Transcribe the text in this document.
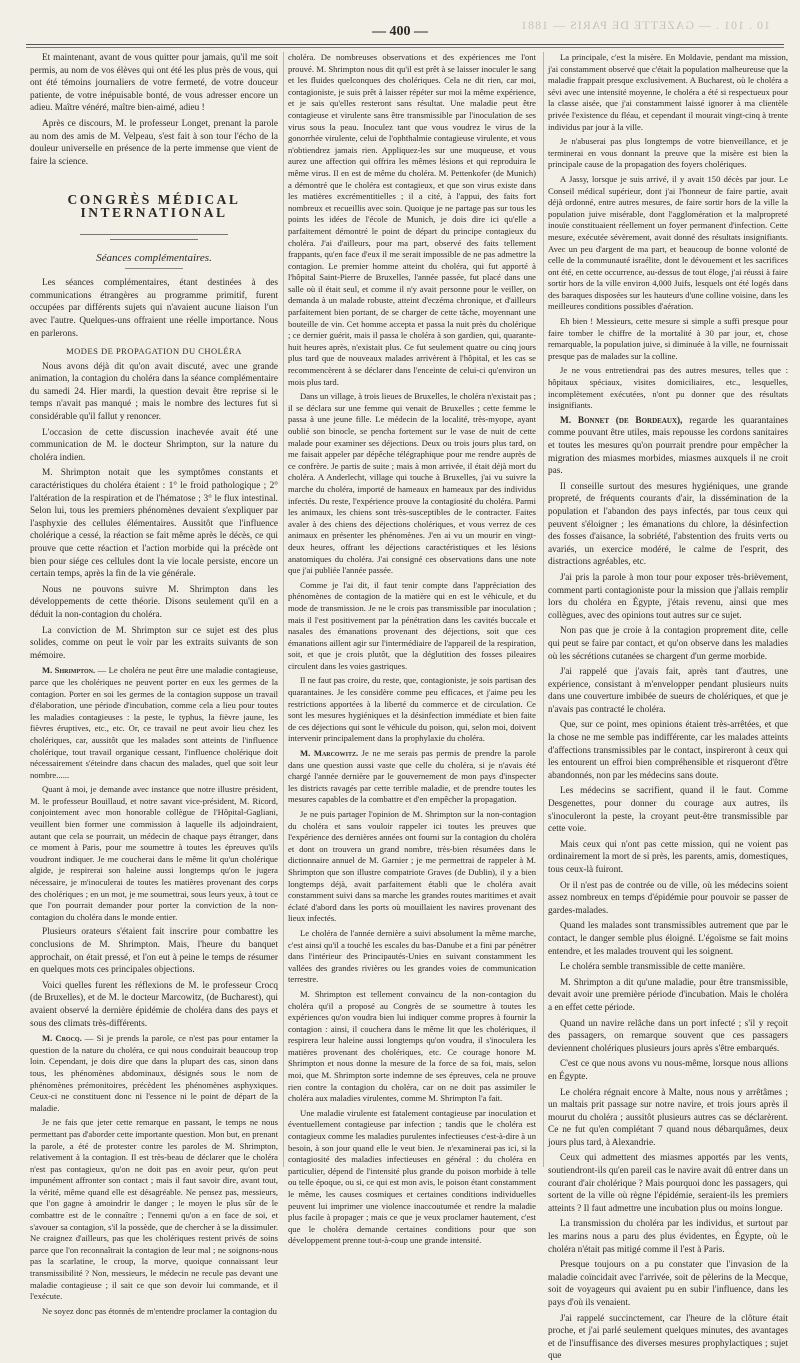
10 . 101 . — GAZETTE DE PARIS — 1881
— 400 —

Et maintenant, avant de vous quitter pour jamais, qu'il me soit permis, au nom de vos élèves qui ont été les plus près de vous, qui ont été témoins journaliers de votre fermeté, de votre douceur patiente, de votre inépuisable bonté, de vous adresser encore un adieu. Maître vénéré, maître bien-aimé, adieu !

Après ce discours, M. le professeur Longet, prenant la parole au nom des amis de M. Velpeau, s'est fait à son tour l'écho de la douleur universelle en présence de la perte immense que vient de faire la science.

CONGRÈS MÉDICAL INTERNATIONAL
Séances complémentaires.

Les séances complémentaires, étant destinées à des communications étrangères au programme primitif, furent occupées par différents sujets qui n'avaient aucune liaison l'un avec l'autre. Quelques-uns offraient une réelle importance. Nous en parlerons.

MODES DE PROPAGATION DU CHOLÉRA

Nous avons déjà dit qu'on avait discuté, avec une grande animation, la contagion du choléra dans la séance complémentaire du samedi 24. Hier mardi, la question devait être reprise si le temps n'avait pas manqué ; mais le nombre des lectures fut si considérable qu'il fallut y renoncer.

L'occasion de cette discussion inachevée avait été une communication de M. le docteur Shrimpton, sur la nature du choléra indien.

M. Shrimpton notait que les symptômes constants et caractéristiques du choléra étaient : 1° le froid pathologique ; 2° l'altération de la respiration et de l'hématose ; 3° le flux intestinal. Selon lui, tous les premiers phénomènes devaient s'expliquer par l'asphyxie des cellules élémentaires. Aussitôt que l'influence cholérique a cessé, la réaction se fait même après le décès, ce qui prouve que cette réaction et l'action morbide qui la précède ont bien pour siége ces cellules dont la vie locale persiste, encore un certain temps, après la fin de la vie générale.

Nous ne pouvons suivre M. Shrimpton dans les développements de cette théorie. Disons seulement qu'il en a déduit la non-contagion du choléra.

La conviction de M. Shrimpton sur ce sujet est des plus solides, comme on peut le voir par les extraits suivants de son mémoire.

M. Shrimpton. — Le choléra ne peut être une maladie contagieuse, parce que les cholériques ne peuvent porter en eux les germes de la contagion. Porter en soi les germes de la contagion suppose un travail d'élaboration, une période d'incubation, comme cela a lieu pour toutes les maladies contagieuses : la peste, le typhus, la fièvre jaune, les fièvres éruptives, etc., etc. Or, ce travail ne peut avoir lieu chez les cholériques, car, aussitôt que les malades sont atteints de l'influence cholérique, tout travail organique cessant, l'influence cholérique doit nécessairement s'éteindre dans chacun des malades, quel que soit leur nombre......

Quant à moi, je demande avec instance que notre illustre président, M. le professeur Bouillaud, et notre savant vice-président, M. Ricord, conjointement avec mon honorable collègue de l'Hôpital-Gagliani, veuillent bien former une commission à laquelle ils adjoindraient, autant que cela se pourrait, un médecin de chaque pays étranger, dans ce moment à Paris, pour me soumettre à toutes les épreuves qu'ils voudront indiquer. Je me coucherai dans le même lit qu'un cholérique algide, je respirerai son haleine aussi longtemps qu'on le jugera nécessaire, je m'inoculerai de toutes les matières provenant des corps des cholériques ; en un mot, je me soumettrai, sous leurs yeux, à tout ce que l'on pourrait demander pour porter la conviction de la non-contagion du choléra dans le monde entier.

Plusieurs orateurs s'étaient fait inscrire pour combattre les conclusions de M. Shrimpton. Mais, l'heure du banquet approchait, on était pressé, et l'on eut à peine le temps de résumer en quelques mots ces principales objections.

Voici quelles furent les réflexions de M. le professeur Crocq (de Bruxelles), et de M. le docteur Marcowitz, (de Bucharest), qui avaient observé la dernière épidémie de choléra dans des pays et sous des climats très-différents.

M. Crocq. — Si je prends la parole, ce n'est pas pour entamer la question de la nature du choléra, ce qui nous conduirait beaucoup trop loin. Cependant, je dois dire que dans la plupart des cas, sinon dans tous, les phénomènes abdominaux, désignés sous le nom de phénomènes prémonitoires, précèdent les phénomènes asphyxiques. Ceux-ci ne constituent donc ni l'essence ni le point de départ de la maladie.

Je ne fais que jeter cette remarque en passant, le temps ne nous permettant pas d'aborder cette importante question. Mon but, en prenant la parole, a été de protester contre les paroles de M. Shrimpton, relativement à la contagion. Il est très-beau de déclarer que le choléra n'est pas contagieux, qu'on ne doit pas en avoir peur, qu'on peut impunément affronter son contact ; mais il faut savoir dire, avant tout, la vérité, même quand elle est désagréable. Ne pensez pas, messieurs, que l'on gagne à amoindrir le danger ; le moyen le plus sûr de le combattre est de le connaître ; l'ennemi qu'on a en face de soi, et s'avouer sa contagion, s'il la possède, que de chercher à se la dissimuler. Ne craignez d'ailleurs, pas que les cholériques restent privés de soins parce que l'on reconnaîtrait la contagion de leur mal ; ne soignons-nous pas la scarlatine, le croup, la morve, quoique connaissant leur transmissibilité ? Non, messieurs, le médecin ne recule pas devant une maladie contagieuse ; il sait ce que son devoir lui commande, et il l'exécute.

Ne soyez donc pas étonnés de m'entendre proclamer la contagion du

choléra. De nombreuses observations et des expériences me l'ont prouvé. M. Shrimpton nous dit qu'il est prêt à se laisser inoculer le sang et les fluides quelconques des cholériques. Cela ne dit rien, car moi, contagioniste, je suis prêt à laisser répéter sur moi la même expérience, et je sais qu'elles resteront sans résultat. Une maladie peut être contagieuse et virulente sans être transmissible par l'inoculation de ses virus sous la peau. Inoculez tant que vous voudrez le virus de la gonorrhée virulente, celui de l'ophthalmie contagieuse virulente, et vous n'obtiendrez jamais rien. Appliquez-les sur une muqueuse, et vous aurez une affection qui offrira les mêmes lésions et qui reproduira le même virus. Il en est de même du choléra. M. Pettenkofer (de Munich) a démontré que le choléra est contagieux, et que son virus existe dans les matières excrémentitielles ; il a cité, à l'appui, des faits fort nombreux et recueillis avec soin. Quoique je ne partage pas sur tous les points les idées de l'école de Munich, je dois dire ici qu'elle a parfaitement démontré le point de départ du principe contagieux du choléra. J'ai d'ailleurs, pour ma part, observé des faits tellement frappants, qu'en face d'eux il me serait impossible de ne pas admettre la contagion. Le premier homme atteint du choléra, qui fut apporté à l'hôpital Saint-Pierre de Bruxelles, l'année passée, fut placé dans une salle où il était seul, et comme il n'y avait personne pour le veiller, on demanda à un malade robuste, atteint d'eczéma chronique, et d'ailleurs parfaitement bien portant, de se charger de cette tâche, moyennant une bouteille de vin. Cet homme accepta et passa la nuit près du cholérique ; ce dernier guérit, mais il passa le choléra à son gardien, qui, quarante-huit heures après, n'existait plus. Ce fut seulement quatre ou cinq jours plus tard que de nouveaux malades arrivèrent à l'hôpital, et les cas se recommencèrent à se déclarer dans l'enceinte de celui-ci qu'environ un mois plus tard.

Dans un village, à trois lieues de Bruxelles, le choléra n'existait pas ; il se déclara sur une femme qui venait de Bruxelles ; cette femme le passa à une jeune fille. Le médecin de la localité, très-myope, ayant oublié son binocle, se pencha fortement sur le vase de nuit de cette malade pour examiner ses déjections. Deux ou trois jours plus tard, on me faisait appeler par dépêche télégraphique pour me rendre auprès de ce confrère. Je partis de suite ; mais à mon arrivée, il était déjà mort du choléra. A Anderlecht, village qui touche à Bruxelles, j'ai vu suivre la marche du choléra, importé de hameaux en hameaux par des individus infectés. Du reste, l'expérience prouve la contagiosité du choléra. Parmi les animaux, les chiens sont très-susceptibles de le contracter. Faites avaler à des chiens des déjections cholériques, et vous verrez de ces animaux en présenter les phénomènes. J'en ai vu un mourir en vingt-deux heures, offrant les déjections caractéristiques et les lésions anatomiques du choléra. J'ai consigné ces observations dans une note que j'ai publiée l'année passée.

Comme je l'ai dit, il faut tenir compte dans l'appréciation des phénomènes de contagion de la matière qui en est le véhicule, et du mode de transmission. Je ne le crois pas transmissible par inoculation ; mais il l'est positivement par la pénétration dans les cavités buccale et nasales des émanations provenant des déjections, soit que ces émanations aillent agir sur l'intermédiaire de l'appareil de la respiration, soit, et que je crois plutôt, que la déglutition des fosses pileaires circulent dans les voies gastriques.

Il ne faut pas croire, du reste, que, contagioniste, je sois partisan des quarantaines. Je les considère comme peu efficaces, et j'aime peu les restrictions apportées à la liberté du commerce et de circulation. Ce sont les mesures hygiéniques et la désinfection immédiate et bien faite de ces déjections qui sont le véhicule du poison, qui, selon moi, doivent intervenir principalement dans la prophylaxie du choléra.

M. Marcowitz. Je ne me serais pas permis de prendre la parole dans une question aussi vaste que celle du choléra, si je n'avais été chargé l'année dernière par le gouvernement de mon pays d'inspecter les districts ravagés par cette terrible maladie, et de prendre toutes les mesures capables de la combattre et d'en empêcher la propagation.

Je ne puis partager l'opinion de M. Shrimpton sur la non-contagion du choléra et sans vouloir rappeler ici toutes les preuves que l'expérience des dernières années ont fourni sur la contagion du choléra et dont on trouvera un grand nombre, très-bien résumées dans le dictionnaire annuel de M. Garnier ; je me permettrai de rappeler à M. Shrimpton que son illustre compatriote Graves (de Dublin), il y a bien longtemps déjà, avait parfaitement établi que le choléra avait constamment suivi dans sa marche les grandes routes maritimes et avait éclaté d'abord dans les ports où mouillaient les navires provenant des lieux infectés.

Le choléra de l'année dernière a suivi absolument la même marche, c'est ainsi qu'il a touché les escales du bas-Danube et a fini par pénétrer dans l'intérieur des Principautés-Unies en suivant constamment les vallées des grandes rivières ou les grandes voies de communication terrestre.

M. Shrimpton est tellement convaincu de la non-contagion du choléra qu'il a proposé au Congrès de se soumettre à toutes les expériences qu'on voudra bien lui indiquer comme propres à fournir la contagion : ainsi, il couchera dans le même lit que les cholériques, il respirera leur haleine aussi longtemps qu'on voudra, il s'inoculera les matières provenant des cholériques, etc. Ce courage honore M. Shrimpton et nous donne la mesure de la force de sa foi, mais, selon moi, que M. Shrimpton sorte indemne de ses épreuves, cela ne prouve rien contre la contagion du choléra, car on ne doit pas assimiler le choléra aux maladies virulentes, comme M. Shrimpton l'a fait.

Une maladie virulente est fatalement contagieuse par inoculation et éventuellement contagieuse par infection ; tandis que le choléra est contagieux comme les maladies purulentes infectieuses c'est-à-dire à un besoin, à son jour quand elle le veut bien. Je n'examinerai pas ici, si la contagiosité des maladies infectieuses en général : du choléra en particulier, dépend de l'intensité plus grande du poison morbide à telle ou telle époque, ou si, ce qui est mon avis, le poison étant constamment le même, les causes cosmiques et certaines conditions individuelles peuvent lui imprimer une violence inaccoutumée et rendre la maladie plus facile à propager ; mais ce que je veux proclamer hautement, c'est que le choléra demande certaines conditions pour que son développement prenne tout-à-coup une grande intensité.

La principale, c'est la misère. En Moldavie, pendant ma mission, j'ai constamment observé que c'était la population malheureuse que la maladie frappait presque exclusivement. A Bucharest, où le choléra a sévi avec une intensité moyenne, le choléra a été si respectueux pour la classe aisée, que j'ai constamment laissé ignorer à ma clientèle privée l'existence du fléau, et cependant il mourait vingt-cinq à trente individus par jour à la ville.

Je n'abuserai pas plus longtemps de votre bienveillance, et je terminerai en vous donnant la preuve que la misère est bien la principale cause de la propagation des foyers cholériques.

A Jassy, lorsque je suis arrivé, il y avait 150 décès par jour. Le Conseil médical supérieur, dont j'ai l'honneur de faire partie, avait déjà ordonné, entre autres mesures, de faire sortir hors de la ville la population juive misérable, dont l'agglomération et la malpropreté inouïe constituaient réellement un foyer permanent d'infection. Cette mesure, exécutée sévèrement, avait donné des résultats insignifiants. Avec un peu d'argent de ma part, et beaucoup de bonne volonté de celle de la communauté israélite, dont le dévouement et les sacrifices ont été, en cette occurrence, au-dessus de tout éloge, j'ai réussi à faire sortir hors de la ville environ 4,000 Juifs, lesquels ont été logés dans des baraques disposées sur les hauteurs d'une colline voisine, dans les meilleures conditions possibles d'aération.

Eh bien ! Messieurs, cette mesure si simple a suffi presque pour faire tomber le chiffre de la mortalité à 30 par jour, et, chose remarquable, la population juive, si diminuée à la ville, ne fournissait presque pas de malades sur la colline.

Je ne vous entretiendrai pas des autres mesures, telles que : hôpitaux spéciaux, visites domiciliaires, etc., lesquelles, incomplètement exécutées, n'ont pu donner que des résultats insignifiants.

M. Bonnet (de Bordeaux), regarde les quarantaines comme pouvant être utiles, mais repousse les cordons sanitaires et toutes les mesures qu'on pourrait prendre pour empêcher la migration des miasmes morbides, miasmes auxquels il ne croit pas.

Il conseille surtout des mesures hygiéniques, une grande propreté, de fréquents courants d'air, la dissémination de la population et l'abandon des pays infectés, par tous ceux qui peuvent s'éloigner ; les émanations du chlore, la désinfection des fosses d'aisance, la sobriété, l'abstention des fruits verts ou avariés, un exercice modéré, le calme de l'esprit, des distractions agréables, etc.

J'ai pris la parole à mon tour pour exposer très-brièvement, comment parti contagioniste pour la mission que j'allais remplir lors du choléra en Égypte, j'étais revenu, ainsi que mes collègues, avec des opinions tout autres sur ce sujet.

Non pas que je croie à la contagion proprement dite, celle qui peut se faire par contact, et qu'on observe dans les maladies où les sécrétions cutanées se chargent d'un germe morbide.

J'ai rappelé que j'avais fait, après tant d'autres, une expérience, consistant à m'envelopper pendant plusieurs nuits dans une couverture imbibée de sueurs de cholériques, et que je n'avais pas contracté le choléra.

Que, sur ce point, mes opinions étaient très-arrêtées, et que la chose ne me semble pas indifférente, car les malades atteints d'affections transmissibles par le contact, inspireront à ceux qui les entourent un effroi bien compréhensible et risqueront d'être abandonnés, non par les médecins sans doute.

Les médecins se sacrifient, quand il le faut. Comme Desgenettes, pour donner du courage aux autres, ils s'inoculeront la peste, la croyant peut-être transmissible par cette voie.

Mais ceux qui n'ont pas cette mission, qui ne voient pas ordinairement la mort de si près, les parents, amis, domestiques, tous ceux-là fuiront.

Or il n'est pas de contrée ou de ville, où les médecins soient assez nombreux en temps d'épidémie pour pouvoir se passer de gardes-malades.

Quand les malades sont transmissibles autrement que par le contact, le danger semble plus éloigné. L'égoïsme se fait moins entendre, et les malades trouvent qui les soignent.

Le choléra semble transmissible de cette manière.

M. Shrimpton a dit qu'une maladie, pour être transmissible, devait avoir une première période d'incubation. Mais le choléra a en effet cette période.

Quand un navire relâche dans un port infecté ; s'il y reçoit des passagers, on remarque souvent que ces passagers deviennent cholériques plusieurs jours après s'être embarqués.

C'est ce que nous avons vu nous-même, lorsque nous allions en Égypte.

Le choléra régnait encore à Malte, nous nous y arrêtâmes ; un maltais prit passage sur notre navire, et trois jours après il mourut du choléra ; aussitôt plusieurs autres cas se déclarèrent. Ce ne fut qu'en complétant 7 quand nous débarquâmes, deux jours plus tard, à Alexandrie.

Ceux qui admettent des miasmes apportés par les vents, soutiendront-ils qu'en pareil cas le navire avait dû entrer dans un courant d'air cholérique ? Mais pourquoi donc les passagers, qui sortent de la ville où règne l'épidémie, seraient-ils les premiers atteints ? Il faut admettre une incubation plus ou moins longue.

La transmission du choléra par les individus, et surtout par les marins nous a paru des plus évidentes, en Égypte, où le choléra n'était pas mitigé comme il l'est à Paris.

Presque toujours on a pu constater que l'invasion de la maladie coïncidait avec l'arrivée, soit de pèlerins de la Mecque, soit de voyageurs qui avaient pu en subir l'influence, dans les pays d'où ils venaient.

J'ai rappelé succinctement, car l'heure de la clôture était proche, et j'ai parlé seulement quelques minutes, des avantages et de l'insuffisance des diverses mesures prophylactiques ; sujet que
